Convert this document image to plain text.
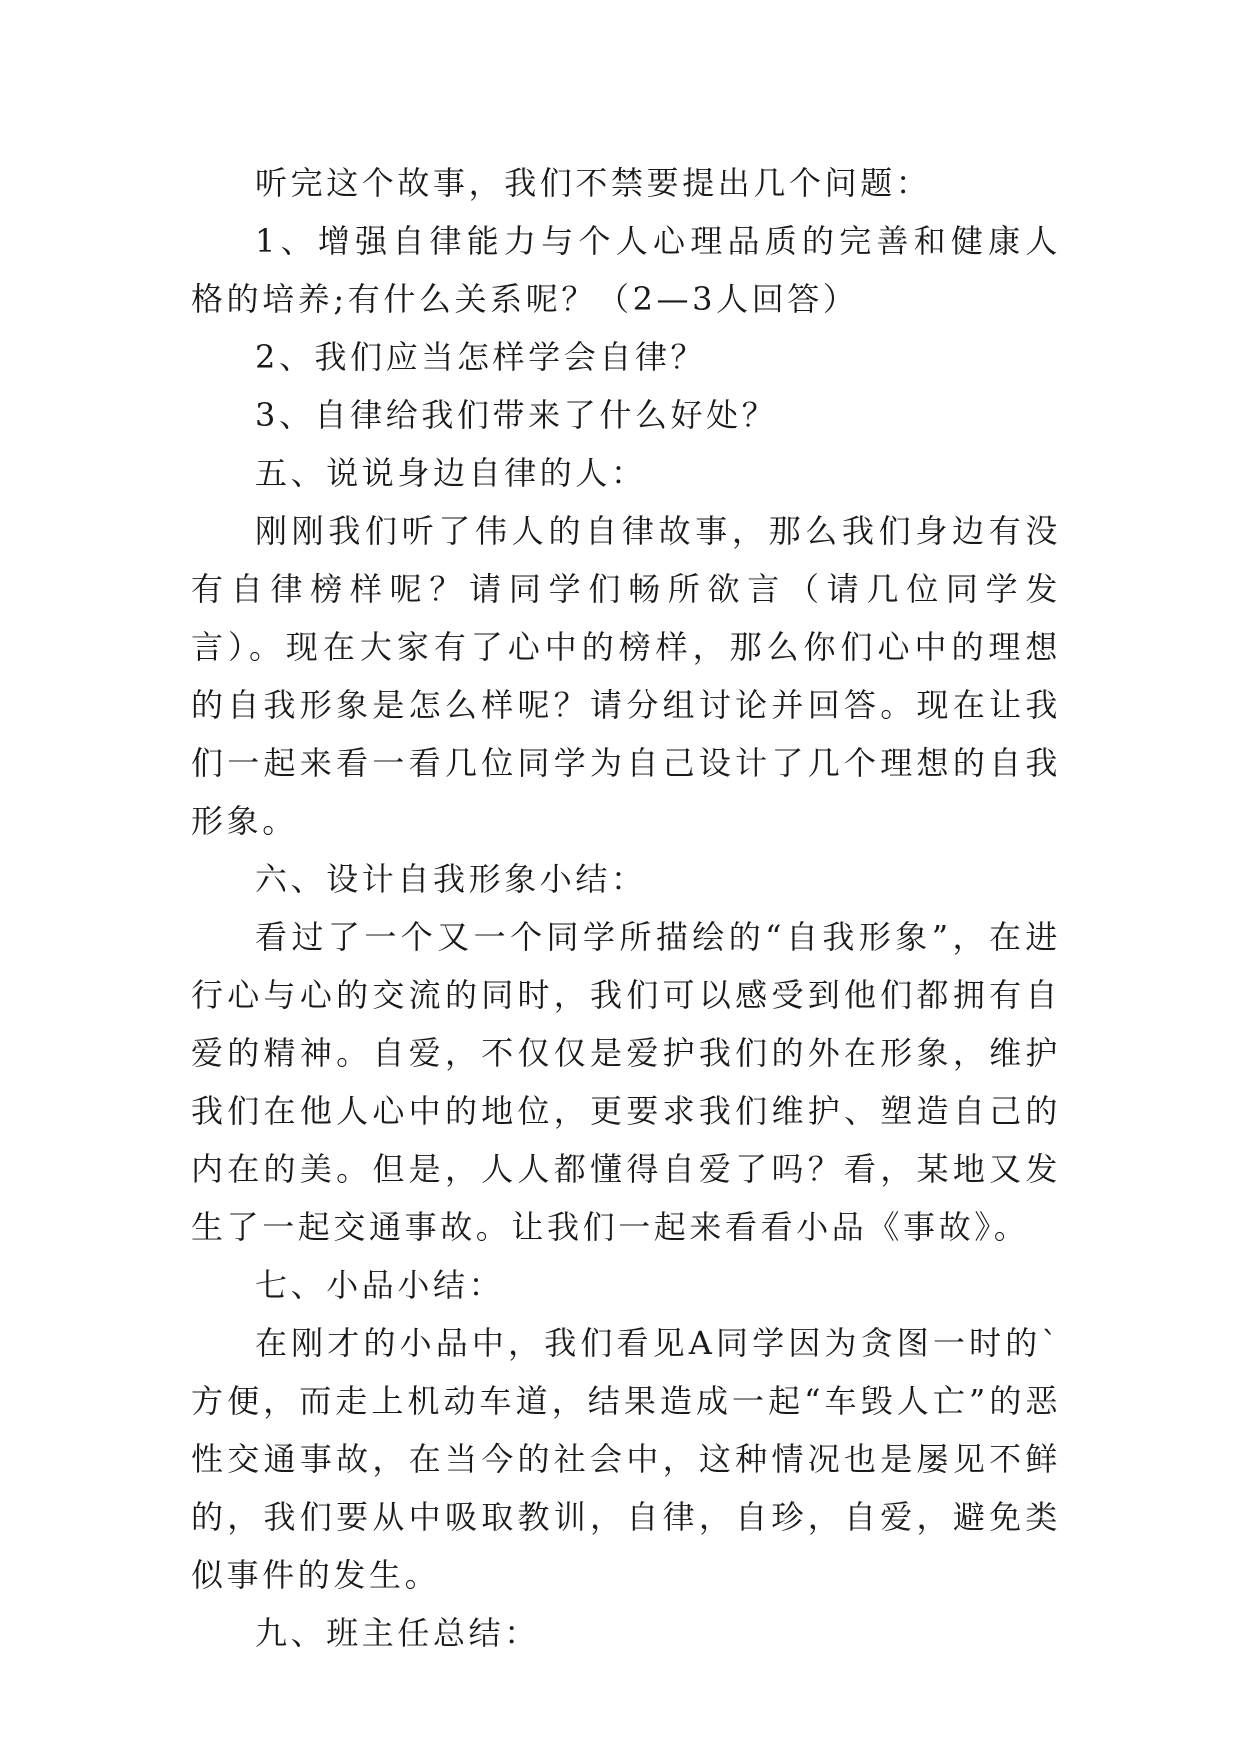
听完这个故事，我们不禁要提出几个问题：

1、增强自律能力与个人心理品质的完善和健康人格的培养;有什么关系呢？（2—3人回答）

2、我们应当怎样学会自律？

3、自律给我们带来了什么好处？

五、说说身边自律的人：

刚刚我们听了伟人的自律故事，那么我们身边有没有自律榜样呢？请同学们畅所欲言（请几位同学发言）。现在大家有了心中的榜样，那么你们心中的理想的自我形象是怎么样呢？请分组讨论并回答。现在让我们一起来看一看几位同学为自己设计了几个理想的自我形象。

六、设计自我形象小结：

看过了一个又一个同学所描绘的“自我形象”，在进行心与心的交流的同时，我们可以感受到他们都拥有自爱的精神。自爱，不仅仅是爱护我们的外在形象，维护我们在他人心中的地位，更要求我们维护、塑造自己的内在的美。但是，人人都懂得自爱了吗？看，某地又发生了一起交通事故。让我们一起来看看小品《事故》。

七、小品小结：

在刚才的小品中，我们看见A同学因为贪图一时的`方便，而走上机动车道，结果造成一起“车毁人亡”的恶性交通事故，在当今的社会中，这种情况也是屡见不鲜的，我们要从中吸取教训，自律，自珍，自爱，避免类似事件的发生。

九、班主任总结：
